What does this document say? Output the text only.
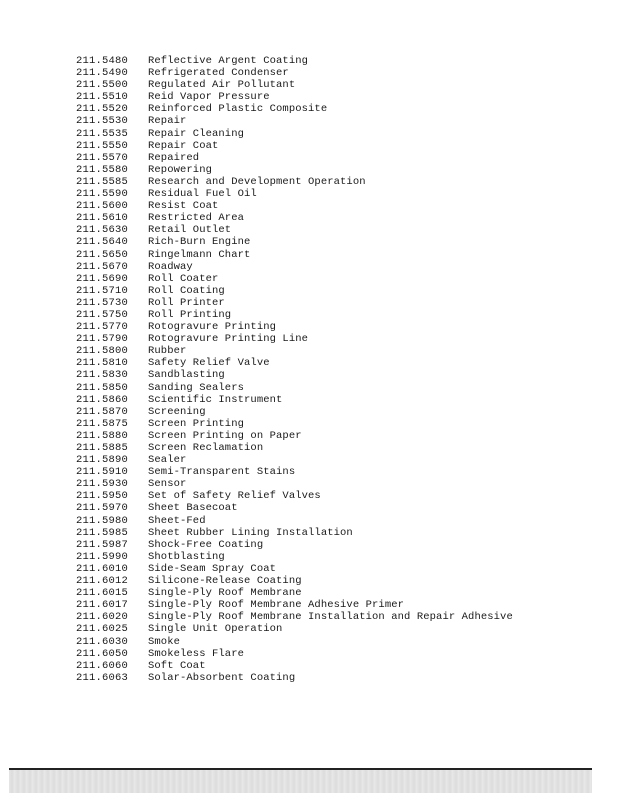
211.5480	Reflective Argent Coating
211.5490	Refrigerated Condenser
211.5500	Regulated Air Pollutant
211.5510	Reid Vapor Pressure
211.5520	Reinforced Plastic Composite
211.5530	Repair
211.5535	Repair Cleaning
211.5550	Repair Coat
211.5570	Repaired
211.5580	Repowering
211.5585	Research and Development Operation
211.5590	Residual Fuel Oil
211.5600	Resist Coat
211.5610	Restricted Area
211.5630	Retail Outlet
211.5640	Rich-Burn Engine
211.5650	Ringelmann Chart
211.5670	Roadway
211.5690	Roll Coater
211.5710	Roll Coating
211.5730	Roll Printer
211.5750	Roll Printing
211.5770	Rotogravure Printing
211.5790	Rotogravure Printing Line
211.5800	Rubber
211.5810	Safety Relief Valve
211.5830	Sandblasting
211.5850	Sanding Sealers
211.5860	Scientific Instrument
211.5870	Screening
211.5875	Screen Printing
211.5880	Screen Printing on Paper
211.5885	Screen Reclamation
211.5890	Sealer
211.5910	Semi-Transparent Stains
211.5930	Sensor
211.5950	Set of Safety Relief Valves
211.5970	Sheet Basecoat
211.5980	Sheet-Fed
211.5985	Sheet Rubber Lining Installation
211.5987	Shock-Free Coating
211.5990	Shotblasting
211.6010	Side-Seam Spray Coat
211.6012	Silicone-Release Coating
211.6015	Single-Ply Roof Membrane
211.6017	Single-Ply Roof Membrane Adhesive Primer
211.6020	Single-Ply Roof Membrane Installation and Repair Adhesive
211.6025	Single Unit Operation
211.6030	Smoke
211.6050	Smokeless Flare
211.6060	Soft Coat
211.6063	Solar-Absorbent Coating
